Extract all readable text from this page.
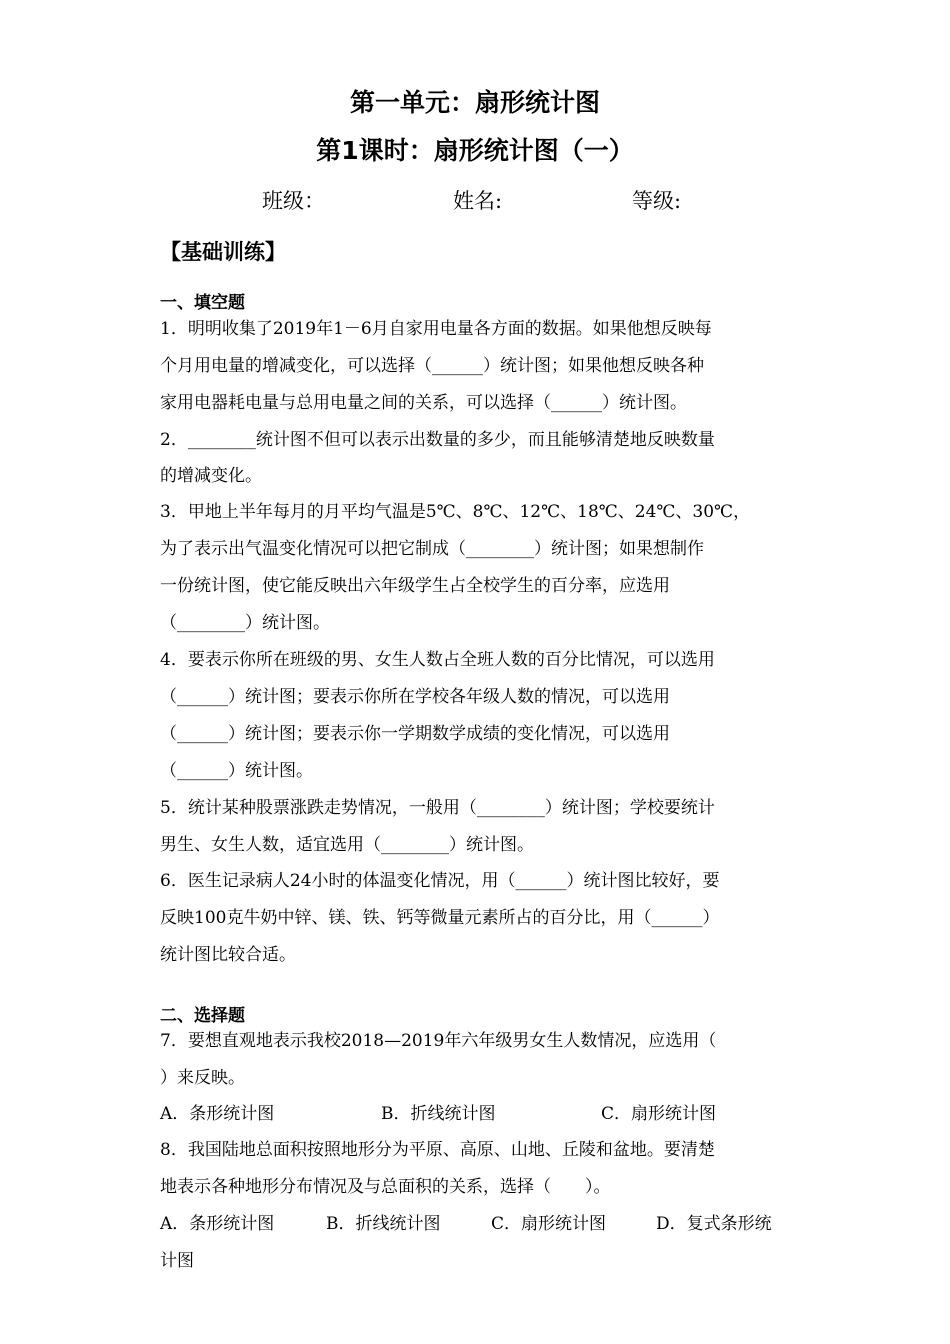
第一单元：扇形统计图
第1课时：扇形统计图（一）
班级：	姓名:	等级:
【基础训练】
一、填空题
1．明明收集了2019年1－6月自家用电量各方面的数据。如果他想反映每
个月用电量的增减变化，可以选择（______）统计图；如果他想反映各种
家用电器耗电量与总用电量之间的关系，可以选择（______）统计图。
2．________统计图不但可以表示出数量的多少，而且能够清楚地反映数量
的增减变化。
3．甲地上半年每月的月平均气温是5℃、8℃、12℃、18℃、24℃、30℃，
为了表示出气温变化情况可以把它制成（________）统计图；如果想制作
一份统计图，使它能反映出六年级学生占全校学生的百分率，应选用
（________）统计图。
4．要表示你所在班级的男、女生人数占全班人数的百分比情况，可以选用
（______）统计图；要表示你所在学校各年级人数的情况，可以选用
（______）统计图；要表示你一学期数学成绩的变化情况，可以选用
（______）统计图。
5．统计某种股票涨跌走势情况，一般用（________）统计图；学校要统计
男生、女生人数，适宜选用（________）统计图。
6．医生记录病人24小时的体温变化情况，用（______）统计图比较好，要
反映100克牛奶中锌、镁、铁、钙等微量元素所占的百分比，用（______）
统计图比较合适。
二、选择题
7．要想直观地表示我校2018—2019年六年级男女生人数情况，应选用（
）来反映。
A．条形统计图	B．折线统计图	C．扇形统计图
8．我国陆地总面积按照地形分为平原、高原、山地、丘陵和盆地。要清楚
地表示各种地形分布情况及与总面积的关系，选择（　　）。
A．条形统计图	B．折线统计图	C．扇形统计图	D．复式条形统
计图
